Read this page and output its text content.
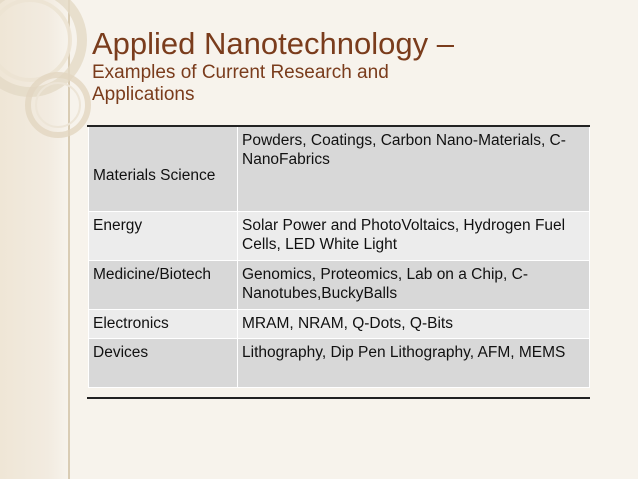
Applied Nanotechnology –
Examples of Current Research and Applications
Materials Science	Powders, Coatings, Carbon Nano-Materials, C-NanoFabrics
Energy	Solar Power and PhotoVoltaics, Hydrogen Fuel Cells, LED White Light
Medicine/Biotech	Genomics, Proteomics, Lab on a Chip, C-Nanotubes,BuckyBalls
Electronics	MRAM, NRAM, Q-Dots, Q-Bits
Devices	Lithography, Dip Pen Lithography, AFM, MEMS
